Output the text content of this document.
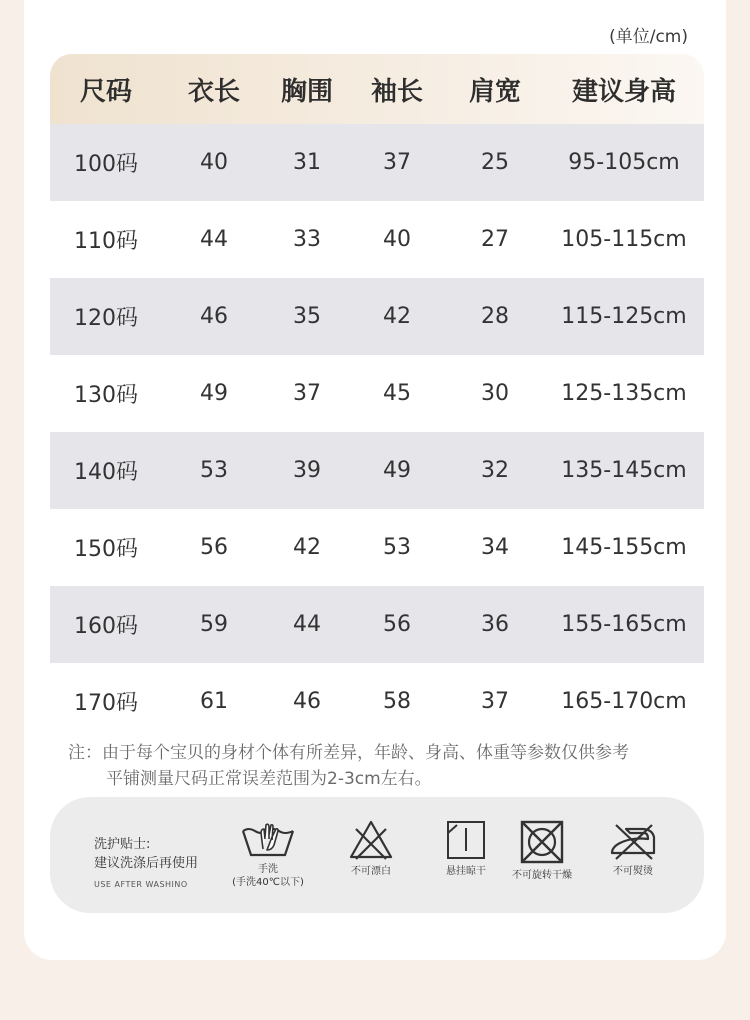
(单位/cm)
尺码	衣长	胸围	袖长	肩宽	建议身高
100码	40	31	37	25	95-105cm
110码	44	33	40	27	105-115cm
120码	46	35	42	28	115-125cm
130码	49	37	45	30	125-135cm
140码	53	39	49	32	135-145cm
150码	56	42	53	34	145-155cm
160码	59	44	56	36	155-165cm
170码	61	46	58	37	165-170cm
注：由于每个宝贝的身材个体有所差异，年龄、身高、体重等参数仅供参考
平铺测量尺码正常误差范围为2-3cm左右。
洗护贴士:
建议洗涤后再使用
USE AFTER WASHINO
手洗
(手洗40℃以下)
不可漂白	悬挂晾干	不可旋转干燥	不可熨烫
